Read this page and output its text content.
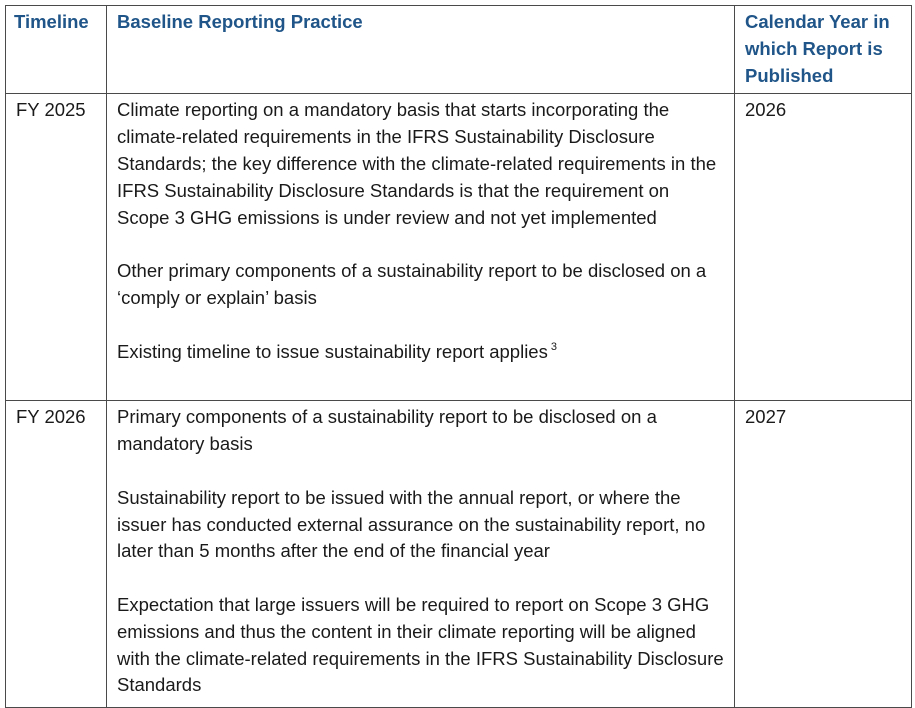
Timeline	Baseline Reporting Practice	Calendar Year in which Report is Published
FY 2025	Climate reporting on a mandatory basis that starts incorporating the climate-related requirements in the IFRS Sustainability Disclosure Standards; the key difference with the climate-related requirements in the IFRS Sustainability Disclosure Standards is that the requirement on Scope 3 GHG emissions is under review and not yet implemented

Other primary components of a sustainability report to be disclosed on a ‘comply or explain’ basis

Existing timeline to issue sustainability report applies $^3$	2026
FY 2026	Primary components of a sustainability report to be disclosed on a mandatory basis

Sustainability report to be issued with the annual report, or where the issuer has conducted external assurance on the sustainability report, no later than 5 months after the end of the financial year

Expectation that large issuers will be required to report on Scope 3 GHG emissions and thus the content in their climate reporting will be aligned with the climate-related requirements in the IFRS Sustainability Disclosure Standards	2027
